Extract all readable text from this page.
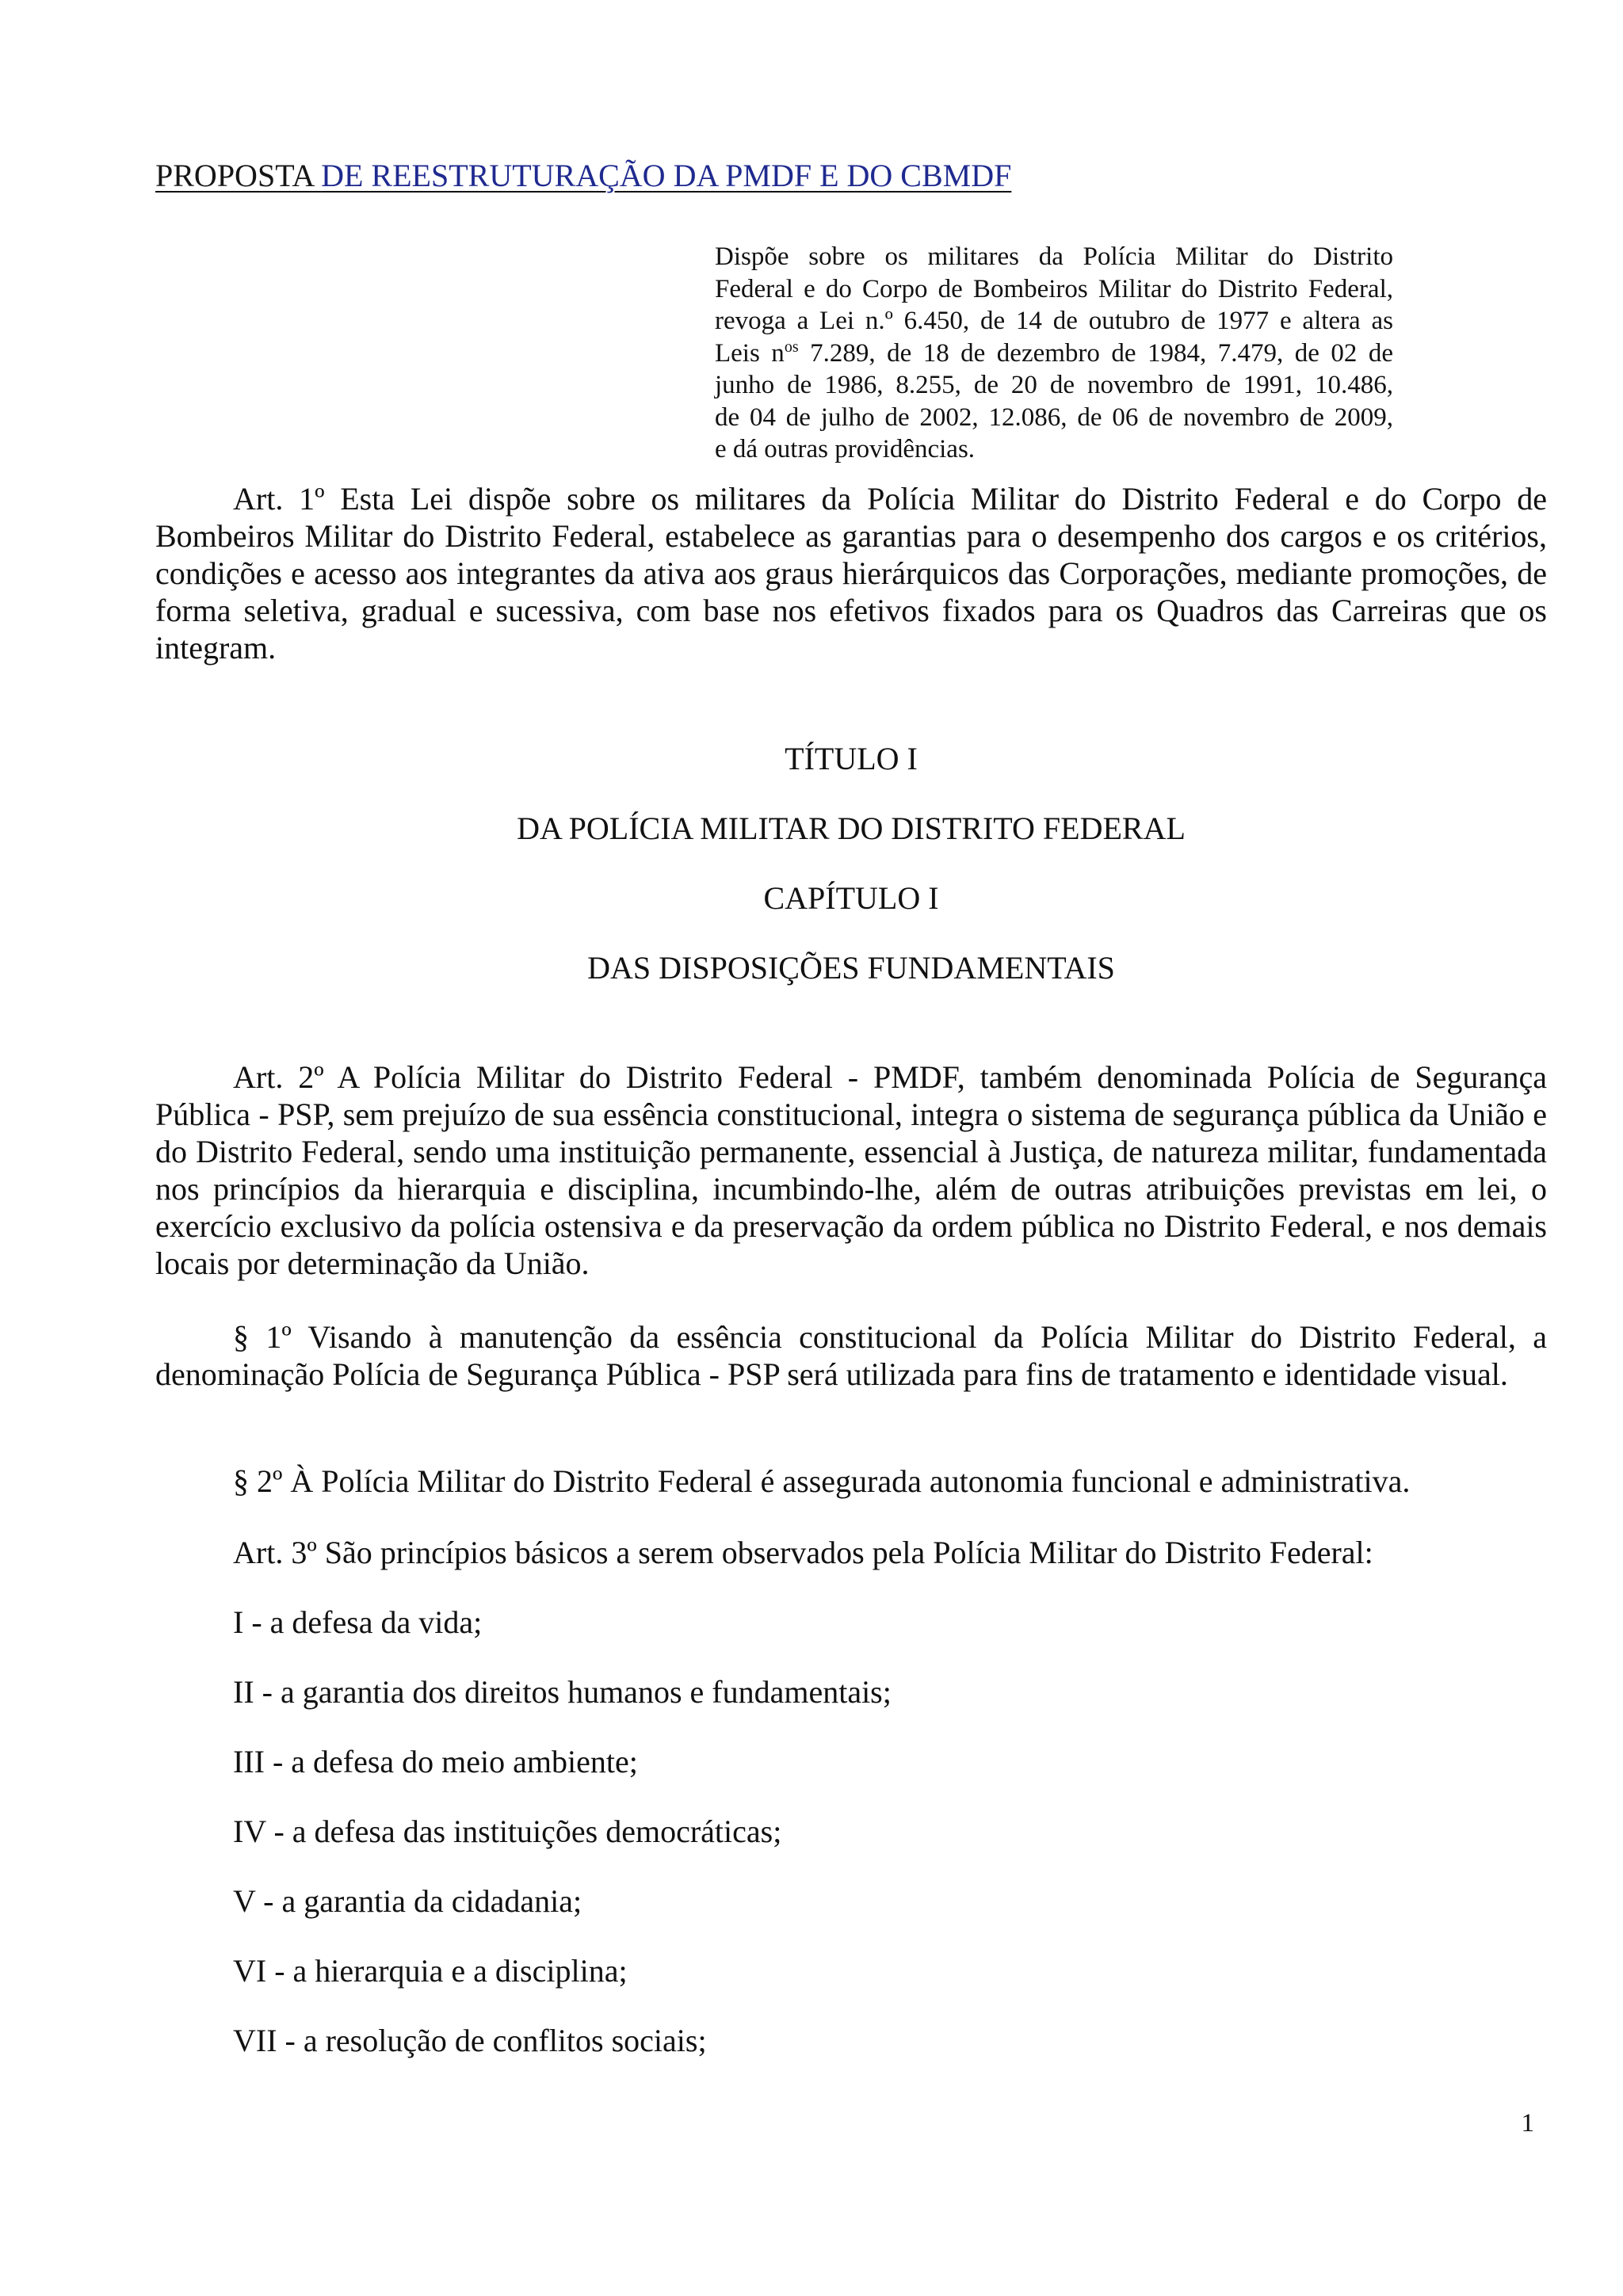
PROPOSTA DE REESTRUTURAÇÃO DA PMDF E DO CBMDF
Dispõe sobre os militares da Polícia Militar do Distrito
Federal e do Corpo de Bombeiros Militar do Distrito Federal,
revoga a Lei n.º 6.450, de 14 de outubro de 1977 e altera as
Leis $n^{os}$ 7.289, de 18 de dezembro de 1984, 7.479, de 02 de
junho de 1986, 8.255, de 20 de novembro de 1991, 10.486,
de 04 de julho de 2002, 12.086, de 06 de novembro de 2009,
e dá outras providências.

Art. 1º Esta Lei dispõe sobre os militares da Polícia Militar do Distrito Federal e do Corpo de Bombeiros Militar do Distrito Federal, estabelece as garantias para o desempenho dos cargos e os critérios, condições e acesso aos integrantes da ativa aos graus hierárquicos das Corporações, mediante promoções, de forma seletiva, gradual e sucessiva, com base nos efetivos fixados para os Quadros das Carreiras que os integram.

TÍTULO I
DA POLÍCIA MILITAR DO DISTRITO FEDERAL
CAPÍTULO I
DAS DISPOSIÇÕES FUNDAMENTAIS

Art. 2º A Polícia Militar do Distrito Federal - PMDF, também denominada Polícia de Segurança Pública - PSP, sem prejuízo de sua essência constitucional, integra o sistema de segurança pública da União e do Distrito Federal, sendo uma instituição permanente, essencial à Justiça, de natureza militar, fundamentada nos princípios da hierarquia e disciplina, incumbindo-lhe, além de outras atribuições previstas em lei, o exercício exclusivo da polícia ostensiva e da preservação da ordem pública no Distrito Federal, e nos demais locais por determinação da União.

§ 1º Visando à manutenção da essência constitucional da Polícia Militar do Distrito Federal, a denominação Polícia de Segurança Pública - PSP será utilizada para fins de tratamento e identidade visual.

§ 2º À Polícia Militar do Distrito Federal é assegurada autonomia funcional e administrativa.

Art. 3º São princípios básicos a serem observados pela Polícia Militar do Distrito Federal:

I - a defesa da vida;
II - a garantia dos direitos humanos e fundamentais;
III - a defesa do meio ambiente;
IV - a defesa das instituições democráticas;
V - a garantia da cidadania;
VI - a hierarquia e a disciplina;
VII - a resolução de conflitos sociais;
1
